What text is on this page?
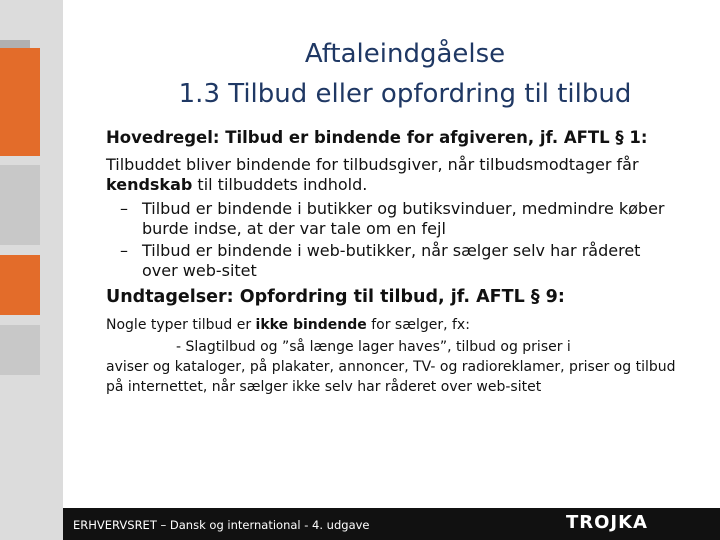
Aftaleindgåelse
1.3 Tilbud eller opfordring til tilbud
Hovedregel: Tilbud er bindende for afgiveren, jf. AFTL § 1:
Tilbuddet bliver bindende for tilbudsgiver, når tilbudsmodtager får kendskab til tilbuddets indhold.
– Tilbud er bindende i butikker og butiksvinduer, medmindre køber burde indse, at der var tale om en fejl
– Tilbud er bindende i web-butikker, når sælger selv har råderet over web-sitet
Undtagelser: Opfordring til tilbud, jf. AFTL § 9:
Nogle typer tilbud er ikke bindende for sælger, fx:
- Slagtilbud og ”så længe lager haves”, tilbud og priser i
aviser og kataloger, på plakater, annoncer, TV- og radioreklamer, priser og tilbud på internettet, når sælger ikke selv har råderet over web-sitet
ERHVERVSRET – Dansk og international - 4. udgave	TROJKA
